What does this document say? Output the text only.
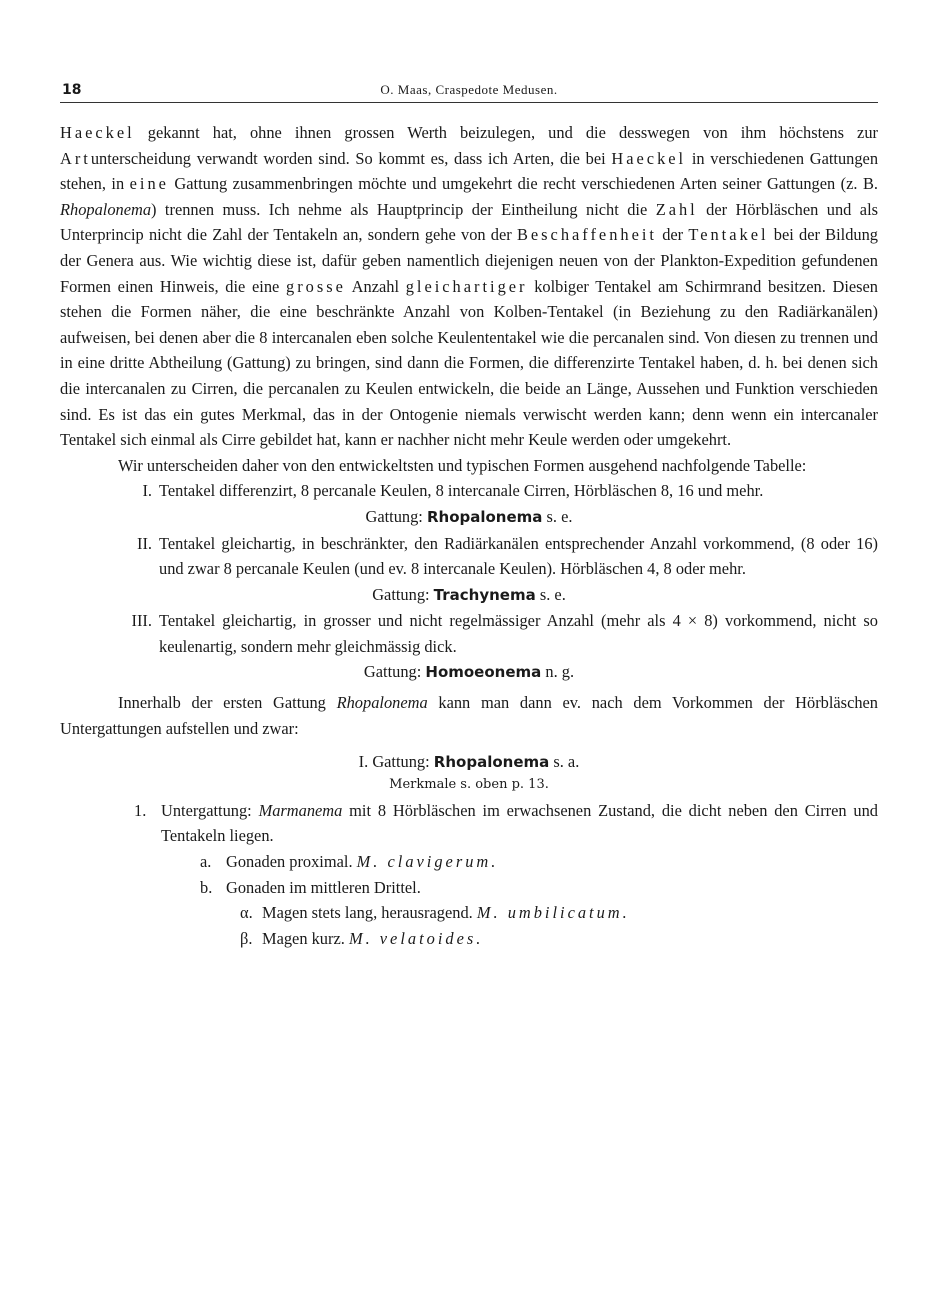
18	O. Maas, Craspedote Medusen.

Haeckel gekannt hat, ohne ihnen grossen Werth beizulegen, und die desswegen von ihm höchstens zur Artunterscheidung verwandt worden sind. So kommt es, dass ich Arten, die bei Haeckel in verschiedenen Gattungen stehen, in eine Gattung zusammenbringen möchte und umgekehrt die recht verschiedenen Arten seiner Gattungen (z. B. Rhopalonema) trennen muss. Ich nehme als Hauptprincip der Eintheilung nicht die Zahl der Hörbläschen und als Unterprincip nicht die Zahl der Tentakeln an, sondern gehe von der Beschaffenheit der Tentakel bei der Bildung der Genera aus. Wie wichtig diese ist, dafür geben namentlich diejenigen neuen von der Plankton-Expedition gefundenen Formen einen Hinweis, die eine grosse Anzahl gleichartiger kolbiger Tentakel am Schirmrand besitzen. Diesen stehen die Formen näher, die eine beschränkte Anzahl von Kolben-Tentakel (in Beziehung zu den Radiärkanälen) aufweisen, bei denen aber die 8 intercanalen eben solche Keulententakel wie die percanalen sind. Von diesen zu trennen und in eine dritte Abtheilung (Gattung) zu bringen, sind dann die Formen, die differenzirte Tentakel haben, d. h. bei denen sich die intercanalen zu Cirren, die percanalen zu Keulen entwickeln, die beide an Länge, Aussehen und Funktion verschieden sind. Es ist das ein gutes Merkmal, das in der Ontogenie niemals verwischt werden kann; denn wenn ein intercanaler Tentakel sich einmal als Cirre gebildet hat, kann er nachher nicht mehr Keule werden oder umgekehrt.

Wir unterscheiden daher von den entwickeltsten und typischen Formen ausgehend nachfolgende Tabelle:

I. Tentakel differenzirt, 8 percanale Keulen, 8 intercanale Cirren, Hörbläschen 8, 16 und mehr.

Gattung: Rhopalonema s. e.

II. Tentakel gleichartig, in beschränkter, den Radiärkanälen entsprechender Anzahl vorkommend, (8 oder 16) und zwar 8 percanale Keulen (und ev. 8 intercanale Keulen). Hörbläschen 4, 8 oder mehr.

Gattung: Trachynema s. e.

III. Tentakel gleichartig, in grosser und nicht regelmässiger Anzahl (mehr als 4 × 8) vorkommend, nicht so keulenartig, sondern mehr gleichmässig dick.

Gattung: Homoeonema n. g.

Innerhalb der ersten Gattung Rhopalonema kann man dann ev. nach dem Vorkommen der Hörbläschen Untergattungen aufstellen und zwar:

I. Gattung: Rhopalonema s. a.

Merkmale s. oben p. 13.

1. Untergattung: Marmanema mit 8 Hörbläschen im erwachsenen Zustand, die dicht neben den Cirren und Tentakeln liegen.

a. Gonaden proximal. M. clavigerum.

b. Gonaden im mittleren Drittel.

α. Magen stets lang, herausragend. M. umbilicatum.

β. Magen kurz. M. velatoides.
